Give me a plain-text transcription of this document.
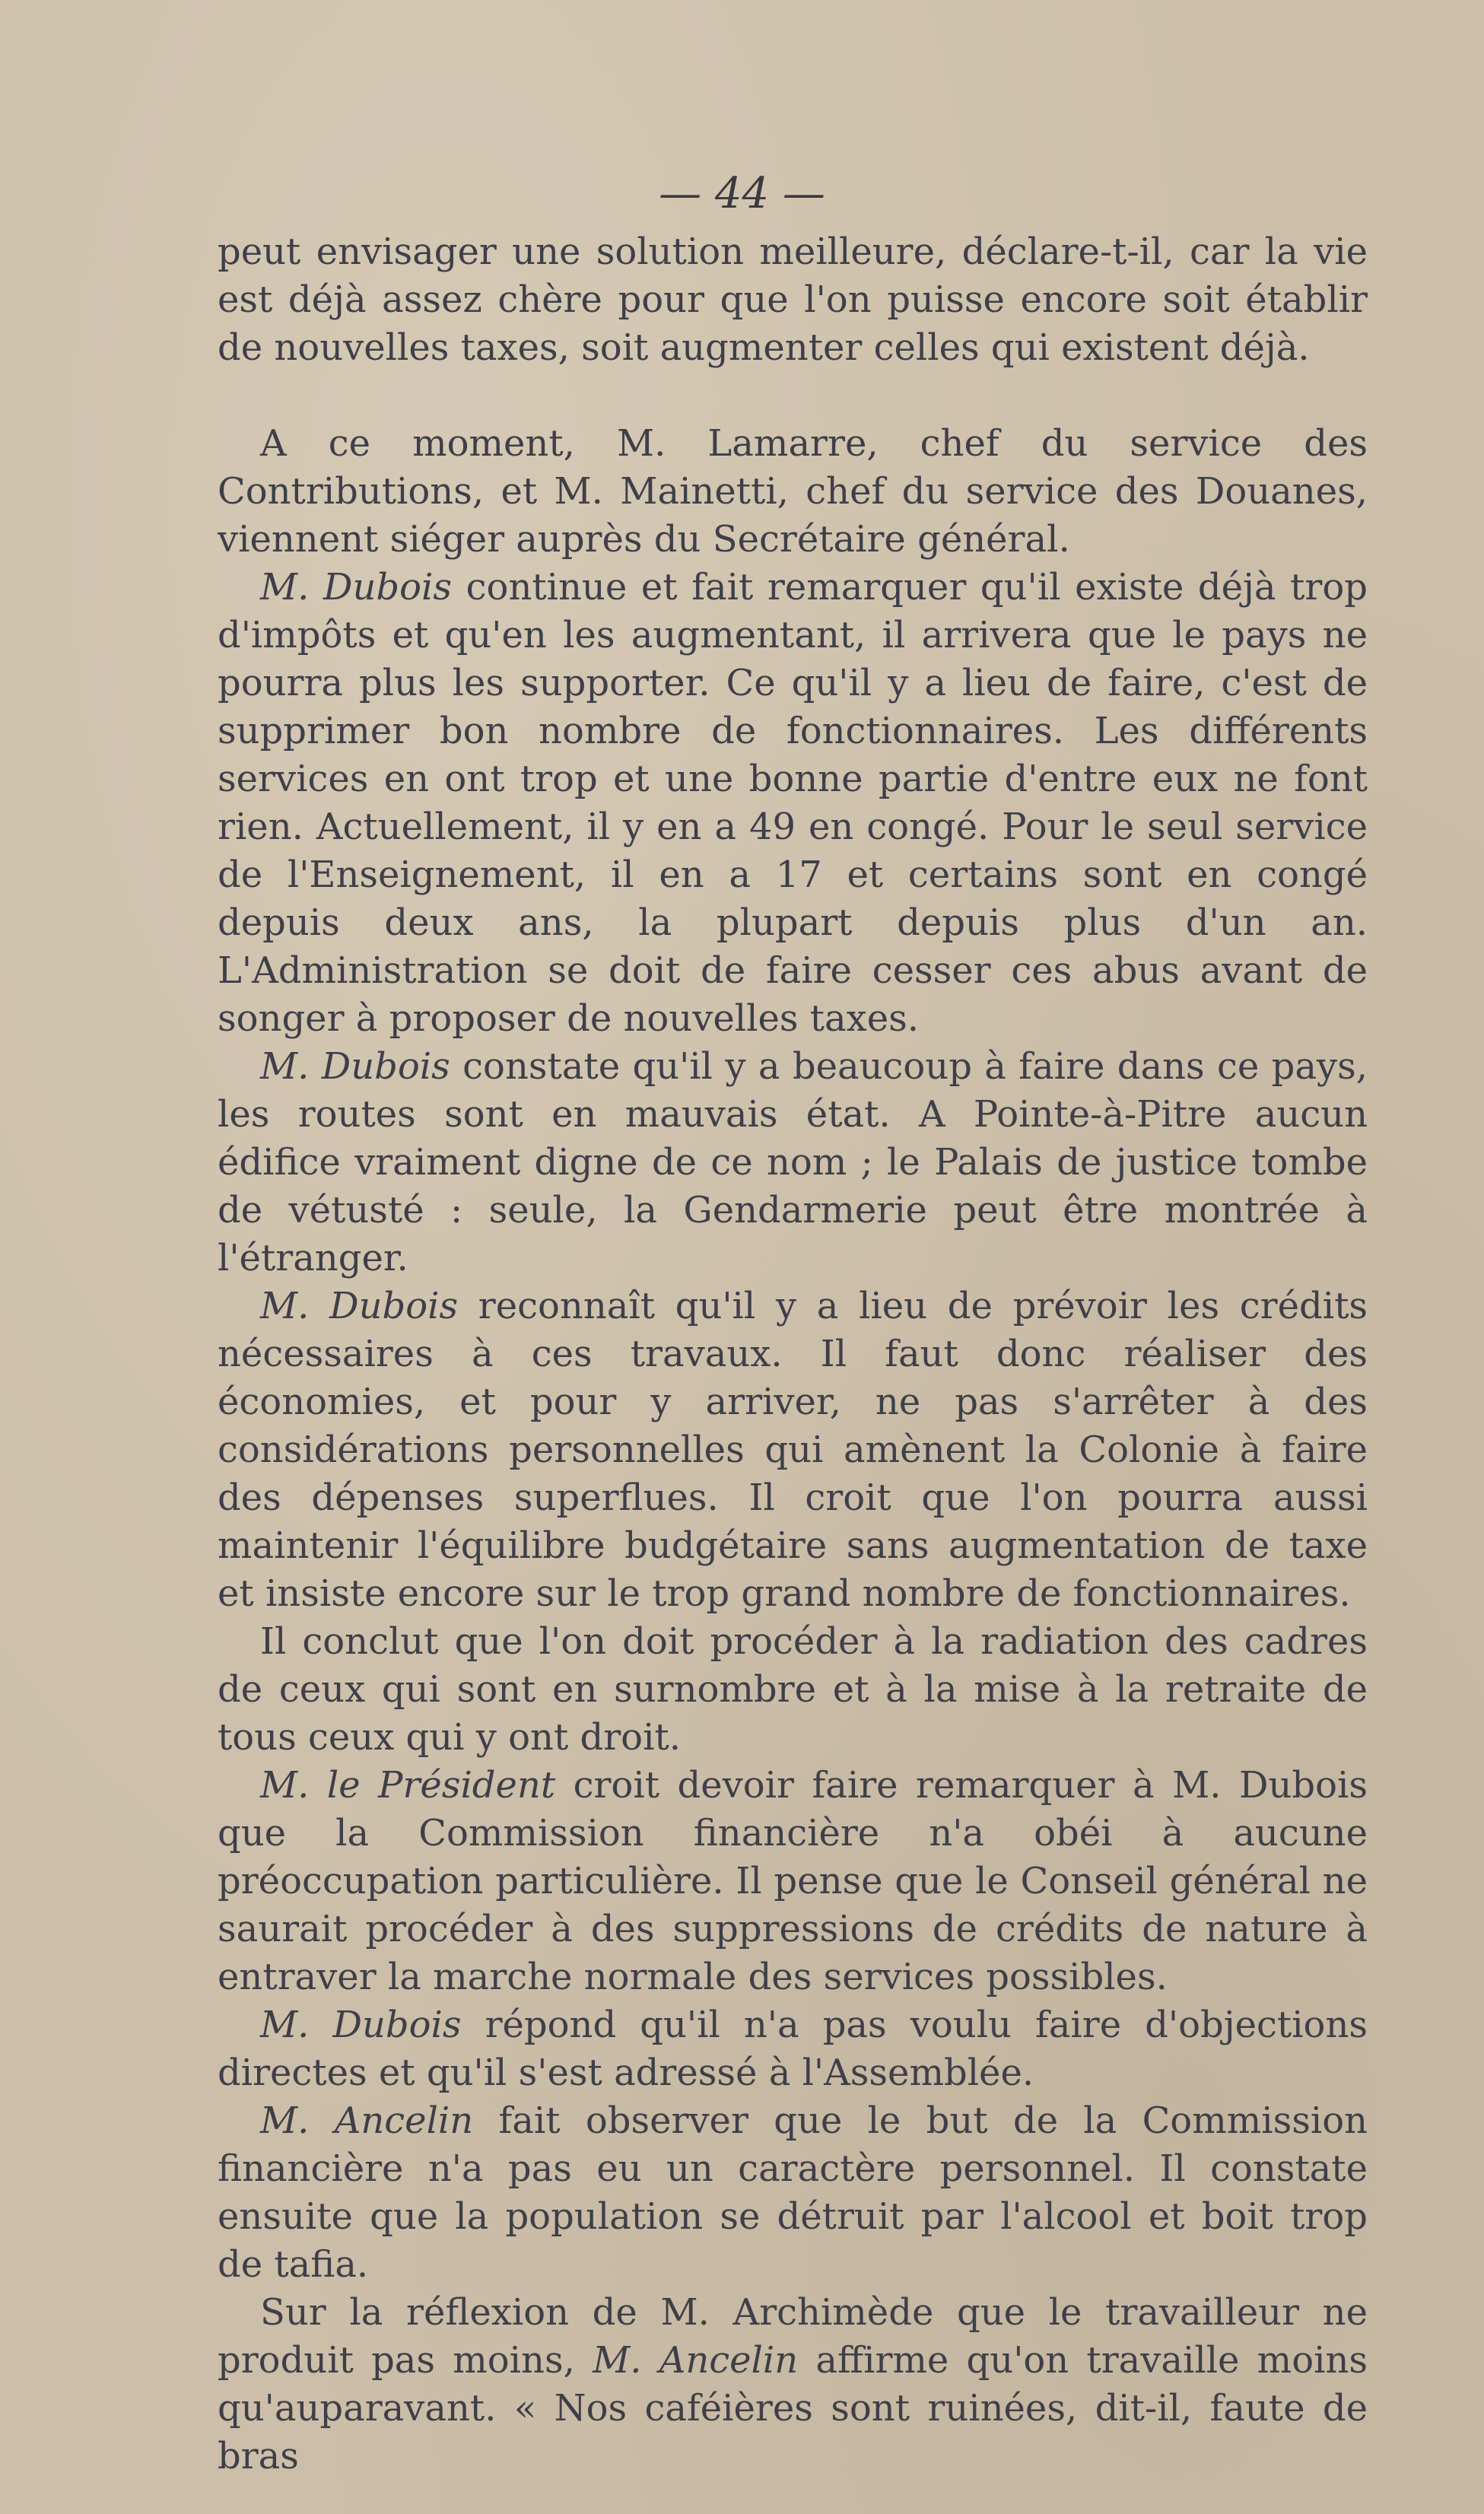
— 44 —

peut envisager une solution meilleure, déclare-t-il, car la vie est déjà assez chère pour que l'on puisse encore soit établir de nouvelles taxes, soit augmenter celles qui existent déjà.

A ce moment, M. Lamarre, chef du service des Contributions, et M. Mainetti, chef du service des Douanes, viennent siéger auprès du Secrétaire général.

M. Dubois continue et fait remarquer qu'il existe déjà trop d'impôts et qu'en les augmentant, il arrivera que le pays ne pourra plus les supporter. Ce qu'il y a lieu de faire, c'est de supprimer bon nombre de fonctionnaires. Les différents services en ont trop et une bonne partie d'entre eux ne font rien. Actuellement, il y en a 49 en congé. Pour le seul service de l'Enseignement, il en a 17 et certains sont en congé depuis deux ans, la plupart depuis plus d'un an. L'Administration se doit de faire cesser ces abus avant de songer à proposer de nouvelles taxes.

M. Dubois constate qu'il y a beaucoup à faire dans ce pays, les routes sont en mauvais état. A Pointe-à-Pitre aucun édifice vraiment digne de ce nom ; le Palais de justice tombe de vétusté : seule, la Gendarmerie peut être montrée à l'étranger.

M. Dubois reconnaît qu'il y a lieu de prévoir les crédits nécessaires à ces travaux. Il faut donc réaliser des économies, et pour y arriver, ne pas s'arrêter à des considérations personnelles qui amènent la Colonie à faire des dépenses superflues. Il croit que l'on pourra aussi maintenir l'équilibre budgétaire sans augmentation de taxe et insiste encore sur le trop grand nombre de fonctionnaires.

Il conclut que l'on doit procéder à la radiation des cadres de ceux qui sont en surnombre et à la mise à la retraite de tous ceux qui y ont droit.

M. le Président croit devoir faire remarquer à M. Dubois que la Commission financière n'a obéi à aucune préoccupation particulière. Il pense que le Conseil général ne saurait procéder à des suppressions de crédits de nature à entraver la marche normale des services possibles.

M. Dubois répond qu'il n'a pas voulu faire d'objections directes et qu'il s'est adressé à l'Assemblée.

M. Ancelin fait observer que le but de la Commission financière n'a pas eu un caractère personnel. Il constate ensuite que la population se détruit par l'alcool et boit trop de tafia.

Sur la réflexion de M. Archimède que le travailleur ne produit pas moins, M. Ancelin affirme qu'on travaille moins qu'auparavant. « Nos caféières sont ruinées, dit-il, faute de bras
